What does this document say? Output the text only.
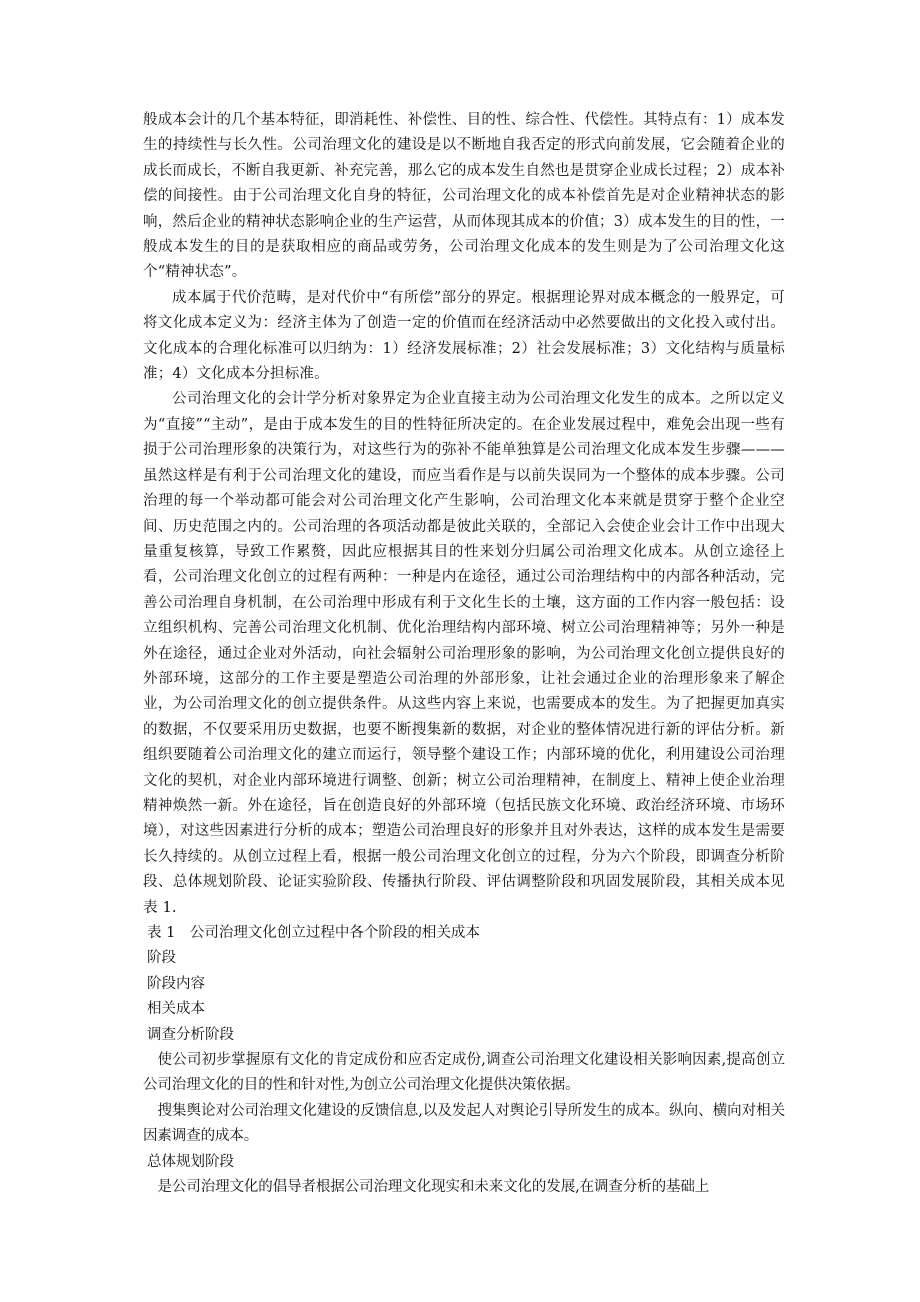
般成本会计的几个基本特征，即消耗性、补偿性、目的性、综合性、代偿性。其特点有：1）成本发生的持续性与长久性。公司治理文化的建设是以不断地自我否定的形式向前发展，它会随着企业的成长而成长，不断自我更新、补充完善，那么它的成本发生自然也是贯穿企业成长过程；2）成本补偿的间接性。由于公司治理文化自身的特征，公司治理文化的成本补偿首先是对企业精神状态的影响，然后企业的精神状态影响企业的生产运营，从而体现其成本的价值；3）成本发生的目的性，一般成本发生的目的是获取相应的商品或劳务，公司治理文化成本的发生则是为了公司治理文化这个“精神状态”。

成本属于代价范畴，是对代价中“有所偿”部分的界定。根据理论界对成本概念的一般界定，可将文化成本定义为：经济主体为了创造一定的价值而在经济活动中必然要做出的文化投入或付出。文化成本的合理化标准可以归纳为：1）经济发展标准；2）社会发展标准；3）文化结构与质量标准；4）文化成本分担标准。

公司治理文化的会计学分析对象界定为企业直接主动为公司治理文化发生的成本。之所以定义为“直接”“主动”，是由于成本发生的目的性特征所决定的。在企业发展过程中，难免会出现一些有损于公司治理形象的决策行为，对这些行为的弥补不能单独算是公司治理文化成本发生步骤———虽然这样是有利于公司治理文化的建设，而应当看作是与以前失误同为一个整体的成本步骤。公司治理的每一个举动都可能会对公司治理文化产生影响，公司治理文化本来就是贯穿于整个企业空间、历史范围之内的。公司治理的各项活动都是彼此关联的，全部记入会使企业会计工作中出现大量重复核算，导致工作累赘，因此应根据其目的性来划分归属公司治理文化成本。从创立途径上看，公司治理文化创立的过程有两种：一种是内在途径，通过公司治理结构中的内部各种活动，完善公司治理自身机制，在公司治理中形成有利于文化生长的土壤，这方面的工作内容一般包括：设立组织机构、完善公司治理文化机制、优化治理结构内部环境、树立公司治理精神等；另外一种是外在途径，通过企业对外活动，向社会辐射公司治理形象的影响，为公司治理文化创立提供良好的外部环境，这部分的工作主要是塑造公司治理的外部形象，让社会通过企业的治理形象来了解企业，为公司治理文化的创立提供条件。从这些内容上来说，也需要成本的发生。为了把握更加真实的数据，不仅要采用历史数据，也要不断搜集新的数据，对企业的整体情况进行新的评估分析。新组织要随着公司治理文化的建立而运行，领导整个建设工作；内部环境的优化，利用建设公司治理文化的契机，对企业内部环境进行调整、创新；树立公司治理精神，在制度上、精神上使企业治理精神焕然一新。外在途径，旨在创造良好的外部环境（包括民族文化环境、政治经济环境、市场环境），对这些因素进行分析的成本；塑造公司治理良好的形象并且对外表达，这样的成本发生是需要长久持续的。从创立过程上看，根据一般公司治理文化创立的过程，分为六个阶段，即调查分析阶段、总体规划阶段、论证实验阶段、传播执行阶段、评估调整阶段和巩固发展阶段，其相关成本见表 1.

表 1　公司治理文化创立过程中各个阶段的相关成本

阶段

阶段内容

相关成本

调查分析阶段

使公司初步掌握原有文化的肯定成份和应否定成份,调查公司治理文化建设相关影响因素,提高创立公司治理文化的目的性和针对性,为创立公司治理文化提供决策依据。

搜集舆论对公司治理文化建设的反馈信息,以及发起人对舆论引导所发生的成本。纵向、横向对相关因素调查的成本。

总体规划阶段

是公司治理文化的倡导者根据公司治理文化现实和未来文化的发展,在调查分析的基础上
